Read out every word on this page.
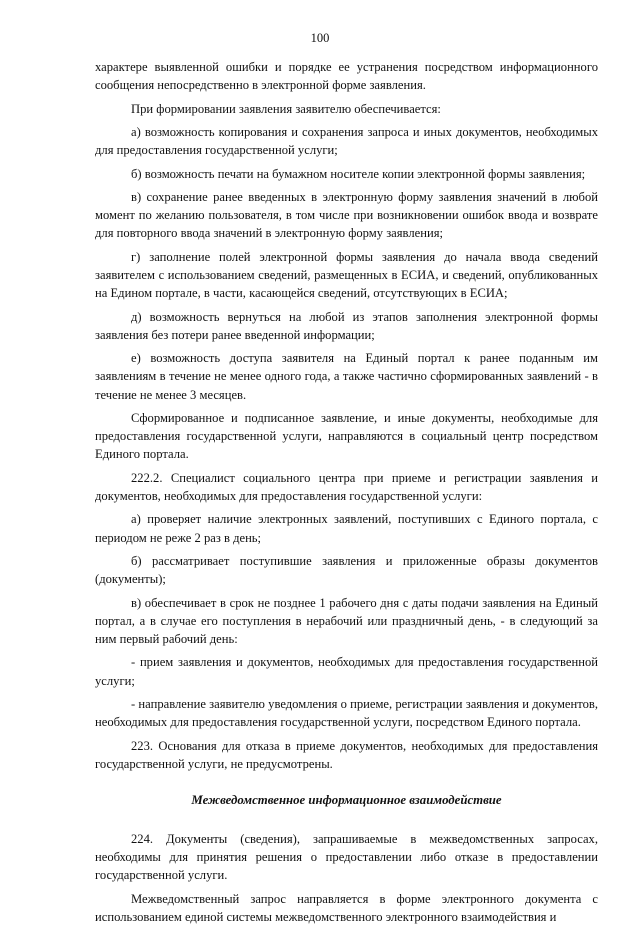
100

характере выявленной ошибки и порядке ее устранения посредством информационного сообщения непосредственно в электронной форме заявления.

При формировании заявления заявителю обеспечивается:

а) возможность копирования и сохранения запроса и иных документов, необходимых для предоставления государственной услуги;

б) возможность печати на бумажном носителе копии электронной формы заявления;

в) сохранение ранее введенных в электронную форму заявления значений в любой момент по желанию пользователя, в том числе при возникновении ошибок ввода и возврате для повторного ввода значений в электронную форму заявления;

г) заполнение полей электронной формы заявления до начала ввода сведений заявителем с использованием сведений, размещенных в ЕСИА, и сведений, опубликованных на Едином портале, в части, касающейся сведений, отсутствующих в ЕСИА;

д) возможность вернуться на любой из этапов заполнения электронной формы заявления без потери ранее введенной информации;

е) возможность доступа заявителя на Единый портал к ранее поданным им заявлениям в течение не менее одного года, а также частично сформированных заявлений - в течение не менее 3 месяцев.

Сформированное и подписанное заявление, и иные документы, необходимые для предоставления государственной услуги, направляются в социальный центр посредством Единого портала.

222.2. Специалист социального центра при приеме и регистрации заявления и документов, необходимых для предоставления государственной услуги:

а) проверяет наличие электронных заявлений, поступивших с Единого портала, с периодом не реже 2 раз в день;

б) рассматривает поступившие заявления и приложенные образы документов (документы);

в) обеспечивает в срок не позднее 1 рабочего дня с даты подачи заявления на Единый портал, а в случае его поступления в нерабочий или праздничный день, - в следующий за ним первый рабочий день:

- прием заявления и документов, необходимых для предоставления государственной услуги;

- направление заявителю уведомления о приеме, регистрации заявления и документов, необходимых для предоставления государственной услуги, посредством Единого портала.

223. Основания для отказа в приеме документов, необходимых для предоставления государственной услуги, не предусмотрены.

Межведомственное информационное взаимодействие

224. Документы (сведения), запрашиваемые в межведомственных запросах, необходимы для принятия решения о предоставлении либо отказе в предоставлении государственной услуги.

Межведомственный запрос направляется в форме электронного документа с использованием единой системы межведомственного электронного взаимодействия и
